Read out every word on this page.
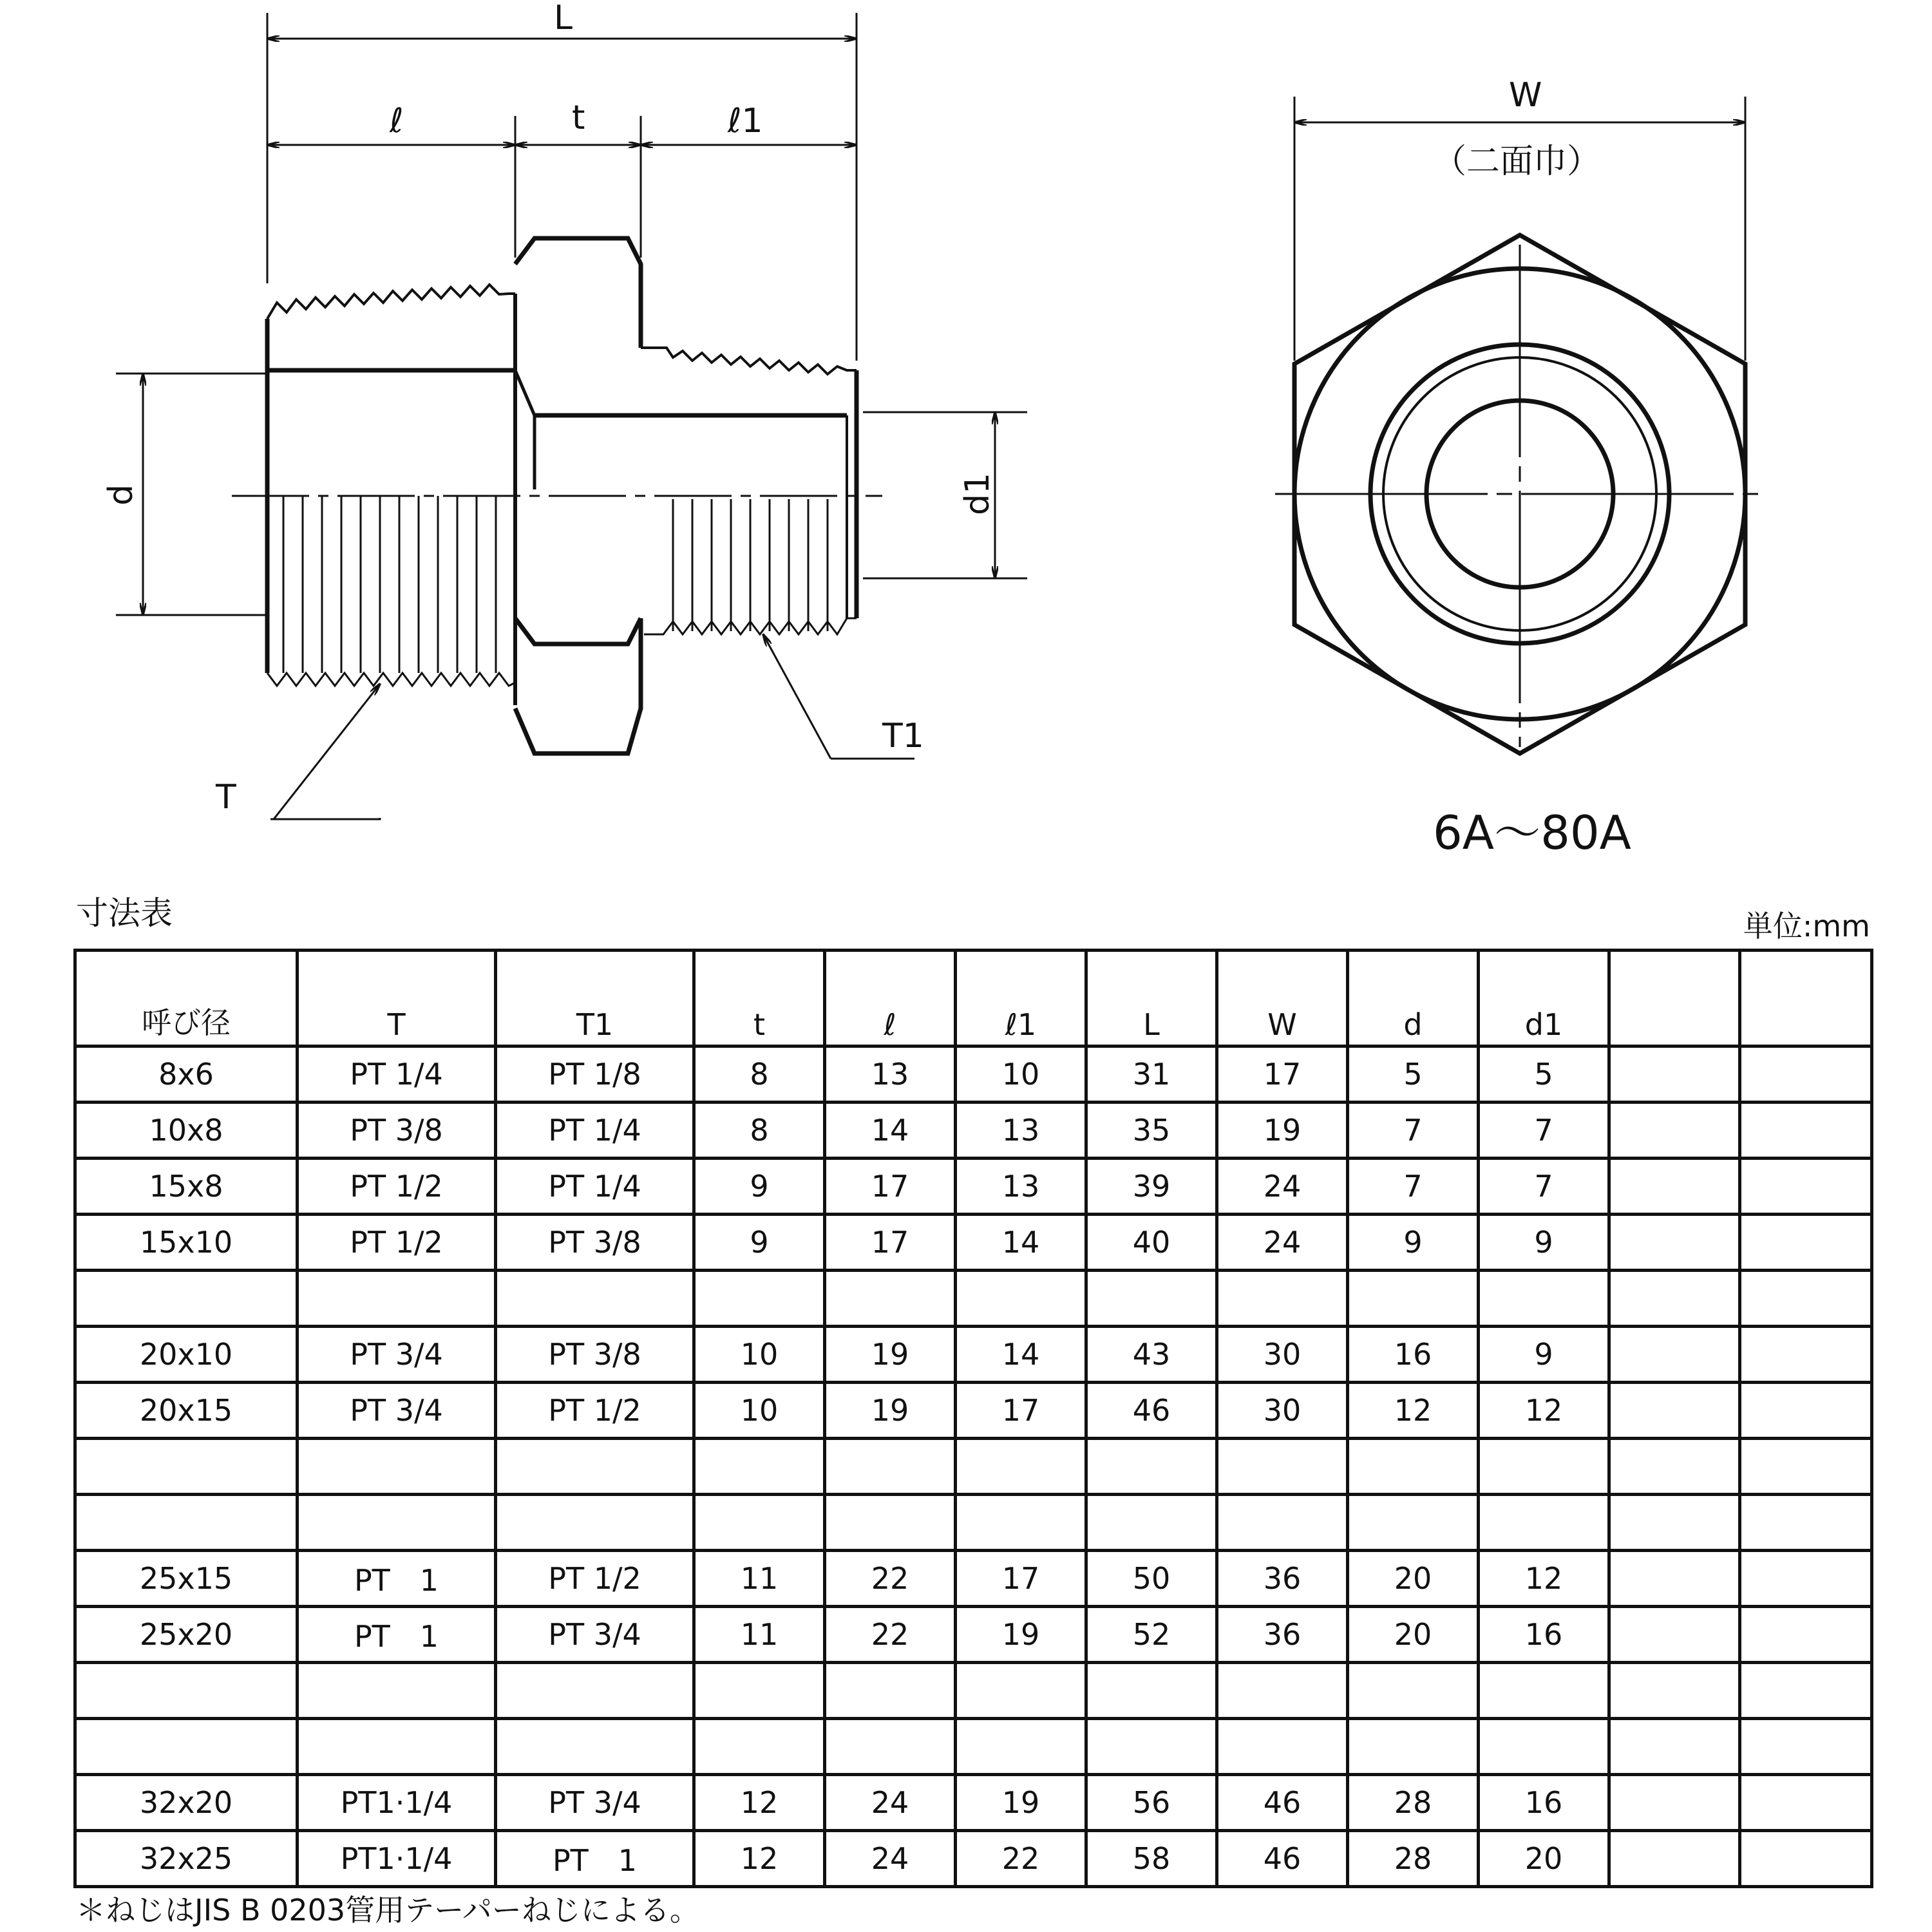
L
ℓ	t	ℓ1
d	d1
T
T1
W
（二面巾）
6A～80A
寸法表	単位:mm
呼び径	T	T1	t	ℓ	ℓ1	L	W	d	d1		
8x6	PT 1/4	PT 1/8	8	13	10	31	17	5	5		
10x8	PT 3/8	PT 1/4	8	14	13	35	19	7	7		
15x8	PT 1/2	PT 1/4	9	17	13	39	24	7	7		
15x10	PT 1/2	PT 3/8	9	17	14	40	24	9	9		

20x10	PT 3/4	PT 3/8	10	19	14	43	30	16	9		
20x15	PT 3/4	PT 1/2	10	19	17	46	30	12	12		

25x15	PT　1	PT 1/2	11	22	17	50	36	20	12		
25x20	PT　1	PT 3/4	11	22	19	52	36	20	16		

32x20	PT1·1/4	PT 3/4	12	24	19	56	46	28	16		
32x25	PT1·1/4	PT　1	12	24	22	58	46	28	20		
＊ねじはJIS B 0203管用テーパーねじによる。
